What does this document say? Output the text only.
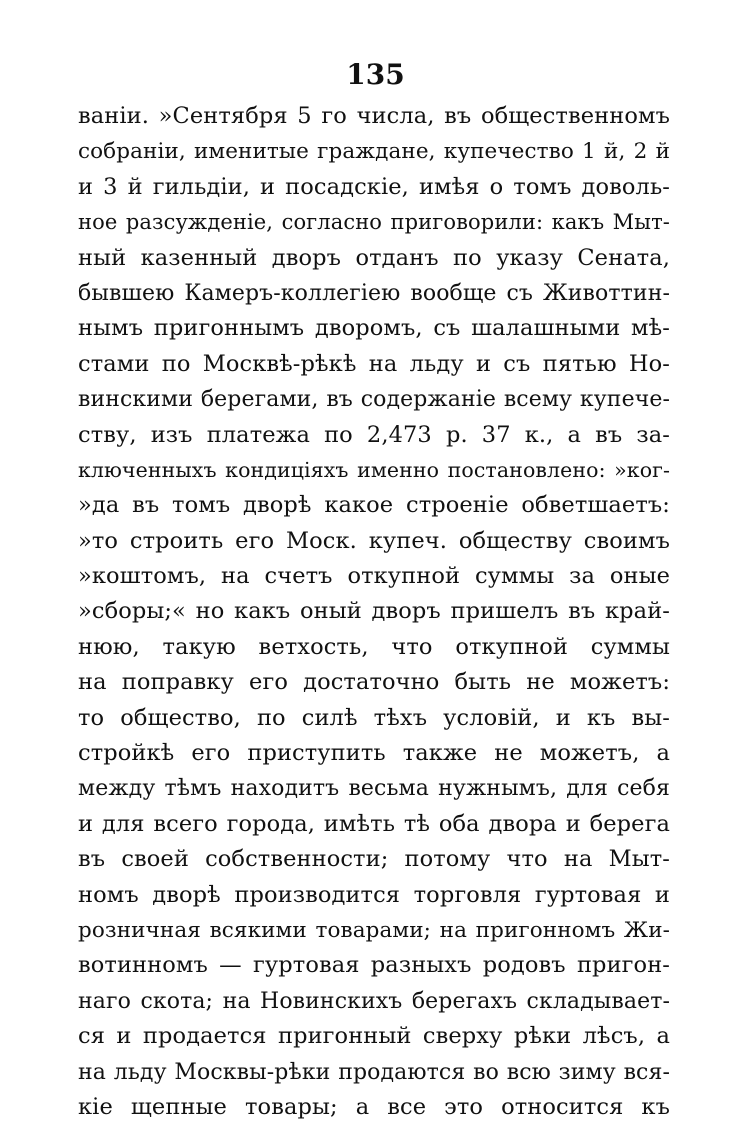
135
ваніи. »Сентября 5 го числа, въ общественномъ
собраніи, именитые граждане, купечество 1 й, 2 й
и 3 й гильдіи, и посадскіе, имѣя о томъ доволь-
ное разсужденіе, согласно приговорили: какъ Мыт-
ный казенный дворъ отданъ по указу Сената,
бывшею Камеръ-коллегіею вообще съ Животтин-
нымъ пригоннымъ дворомъ, съ шалашными мѣ-
стами по Москвѣ-рѣкѣ на льду и съ пятью Но-
винскими берегами, въ содержаніе всему купече-
ству, изъ платежа по 2,473 р. 37 к., а въ за-
ключенныхъ кондиціяхъ именно постановлено: »ког-
»да въ томъ дворѣ какое строеніе обветшаетъ:
»то строить его Моск. купеч. обществу своимъ
»коштомъ, на счетъ откупной суммы за оные
»сборы;« но какъ оный дворъ пришелъ въ край-
нюю, такую ветхость, что откупной суммы
на поправку его достаточно быть не можетъ:
то общество, по силѣ тѣхъ условій, и къ вы-
стройкѣ его приступить также не можетъ, а
между тѣмъ находитъ весьма нужнымъ, для себя
и для всего города, имѣть тѣ оба двора и берега
въ своей собственности; потому что на Мыт-
номъ дворѣ производится торговля гуртовая и
розничная всякими товарами; на пригонномъ Жи-
вотинномъ — гуртовая разныхъ родовъ пригон-
наго скота; на Новинскихъ берегахъ складывает-
ся и продается пригонный сверху рѣки лѣсъ, а
на льду Москвы-рѣки продаются во всю зиму вся-
кіе щепные товары; а все это относится къ
